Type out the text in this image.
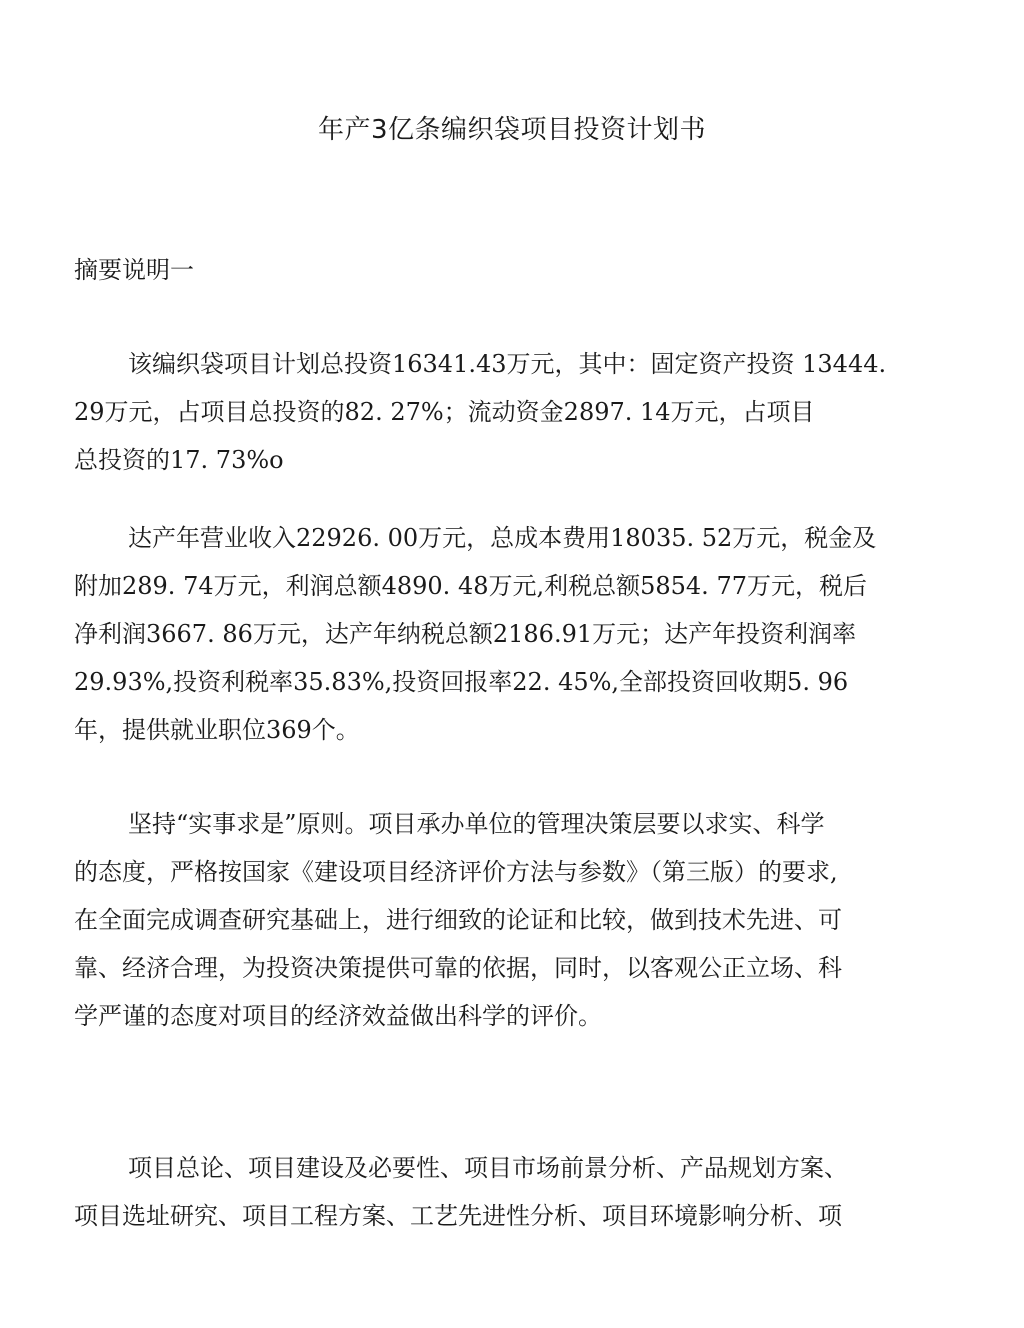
年产3亿条编织袋项目投资计划书
摘要说明一
该编织袋项目计划总投资16341.43万元，其中：固定资产投资 13444.
29万元，占项目总投资的82. 27%；流动资金2897. 14万元，占项目
总投资的17. 73%o
达产年营业收入22926. 00万元，总成本费用18035. 52万元，税金及
附加289. 74万元，利润总额4890. 48万元,利税总额5854. 77万元，税后
净利润3667. 86万元，达产年纳税总额2186.91万元；达产年投资利润率
29.93%,投资利税率35.83%,投资回报率22. 45%,全部投资回收期5. 96
年，提供就业职位369个。
坚持“实事求是”原则。项目承办单位的管理决策层要以求实、科学
的态度，严格按国家《建设项目经济评价方法与参数》（第三版）的要求,
在全面完成调查研究基础上，进行细致的论证和比较，做到技术先进、可
靠、经济合理，为投资决策提供可靠的依据，同时，以客观公正立场、科
学严谨的态度对项目的经济效益做出科学的评价。
项目总论、项目建设及必要性、项目市场前景分析、产品规划方案、
项目选址研究、项目工程方案、工艺先进性分析、项目环境影响分析、项
